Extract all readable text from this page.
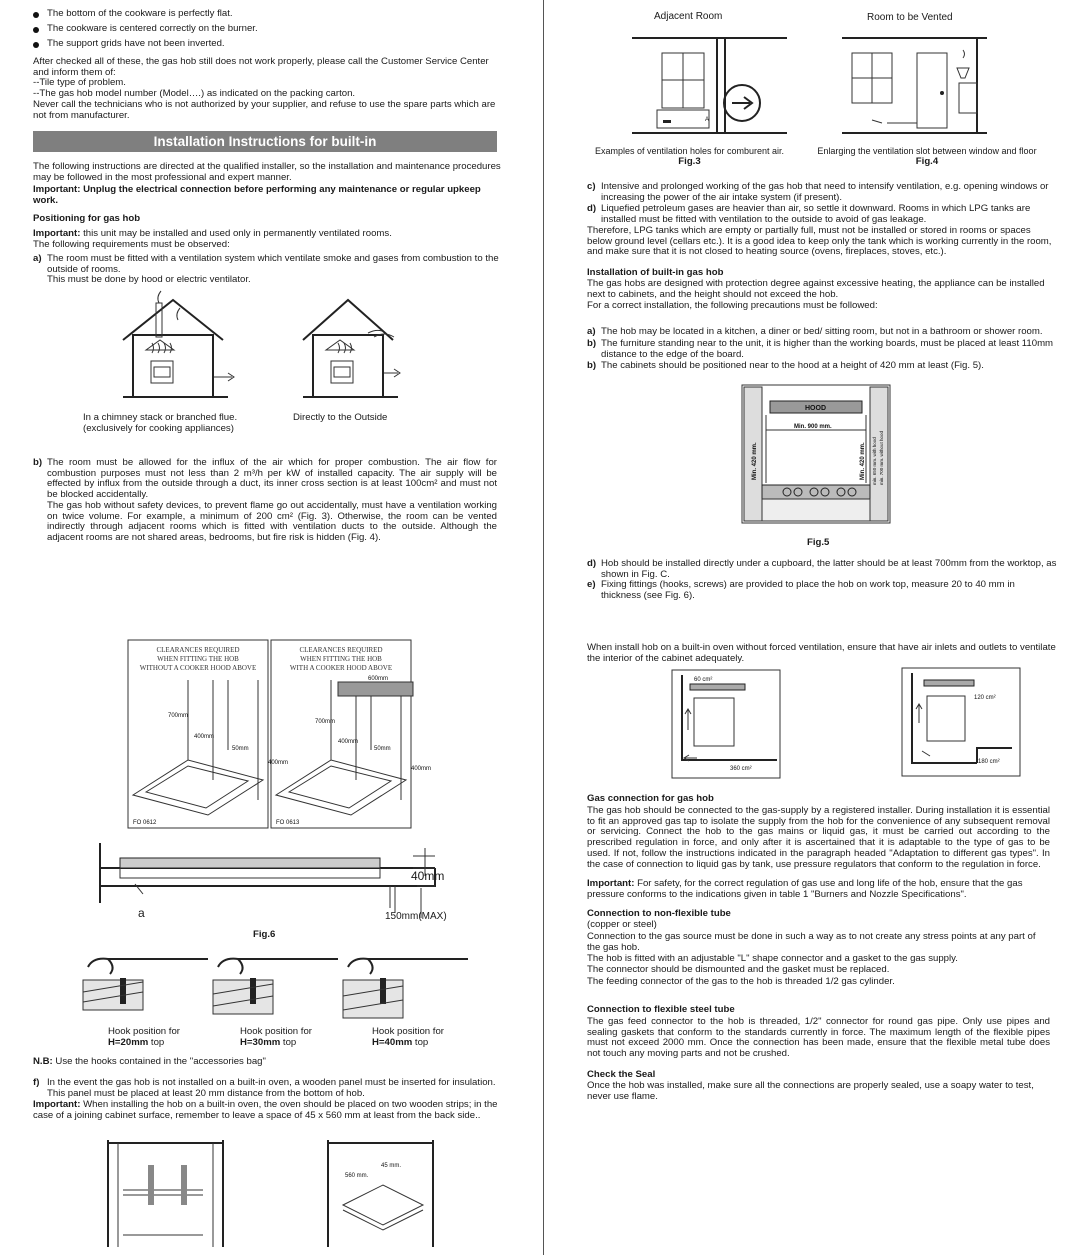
The bottom of the cookware is perfectly flat.
The cookware is centered correctly on the burner.
The support grids have not been inverted.

After checked all of these, the gas hob still does not work properly, please call the Customer Service Center and inform them of:

--Tile type of problem.

--The gas hob model number (Model….) as indicated on the packing carton.

Never call the technicians who is not authorized by your supplier, and refuse to use the spare parts which are not from manufacturer.

Installation Instructions for built-in

The following instructions are directed at the qualified installer, so the installation and maintenance procedures may be followed in the most professional and expert manner.

Important: Unplug the electrical connection before performing any maintenance or regular upkeep work.

Positioning for gas hob

Important: this unit may be installed and used only in permanently ventilated rooms.

The following requirements must be observed:

a) The room must be fitted with a ventilation system which ventilate smoke and gases from combustion to the outside of rooms.

This must be done by hood or electric ventilator.

In a chimney stack or branched flue.
(exclusively for cooking appliances)

Directly to the Outside

b) The room must be allowed for the influx of the air which for proper combustion. The air flow for combustion purposes must not less than 2 m³/h per kW of installed capacity. The air supply will be effected by influx from the outside through a duct, its inner cross section is at least 100cm² and must not be blocked accidentally.

The gas hob without safety devices, to prevent flame go out accidentally, must have a ventilation working on twice volume. For example, a minimum of 200 cm² (Fig. 3). Otherwise, the room can be vented indirectly through adjacent rooms which is fitted with ventilation ducts to the outside. Although the adjacent rooms are not shared areas, bedrooms, but fire risk is hidden (Fig. 4).

CLEARANCES REQUIRED
WHEN FITTING THE HOB
WITHOUT A COOKER HOOD ABOVE
CLEARANCES REQUIRED
WHEN FITTING THE HOB
WITH A COOKER HOOD ABOVE
700mm
400mm
50mm
400mm
700mm
400mm
50mm
400mm
600mm
FO 0612	FO 0613

40mm

150mm(MAX)

a

Fig.6

Hook position for
H=20mm top

Hook position for
H=30mm top

Hook position for
H=40mm top

N.B: Use the hooks contained in the "accessories bag"

f) In the event the gas hob is not installed on a built-in oven, a wooden panel must be inserted for insulation. This panel must be placed at least 20 mm distance from the bottom of hob.

Important: When installing the hob on a built-in oven, the oven should be placed on two wooden strips; in the case of a joining cabinet surface, remember to leave a space of 45 x 560 mm at least from the back side..

560 mm.
45 mm.

Adjacent Room	Room to be Vented

A

Examples of ventilation holes for comburent air.

Fig.3

Enlarging the ventilation slot between window and floor

Fig.4

c) Intensive and prolonged working of the gas hob that need to intensify ventilation, e.g. opening windows or increasing the power of the air intake system (if present).

d) Liquefied petroleum gases are heavier than air, so settle it downward. Rooms in which LPG tanks are installed must be fitted with ventilation to the outside to avoid of gas leakage.

Therefore, LPG tanks which are empty or partially full, must not be installed or stored in rooms or spaces below ground level (cellars etc.). It is a good idea to keep only the tank which is working currently in the room, and make sure that it is not closed to heating source (ovens, fireplaces, stoves, etc.).

Installation of built-in gas hob

The gas hobs are designed with protection degree against excessive heating, the appliance can be installed next to cabinets, and the height should not exceed the hob.

For a correct installation, the following precautions must be followed:

a) The hob may be located in a kitchen, a diner or bed/ sitting room, but not in a bathroom or shower room.

b) The furniture standing near to the unit, it is higher than the working boards, must be placed at least 110mm distance to the edge of the board.

b) The cabinets should be positioned near to the hood at a height of 420 mm at least (Fig. 5).

HOOD
Min. 900 mm.
Min. 420 mm.	Min. 420 mm. min. 650 mm. with hood min. 700 mm. without hood

Fig.5

d) Hob should be installed directly under a cupboard, the latter should be at least 700mm from the worktop, as shown in Fig. C.

e) Fixing fittings (hooks, screws) are provided to place the hob on work top, measure 20 to 40 mm in thickness (see Fig. 6).

When install hob on a built-in oven without forced ventilation, ensure that have air inlets and outlets to ventilate the interior of the cabinet adequately.

60 cm²
360 cm²
120 cm²
180 cm²

Gas connection for gas hob

The gas hob should be connected to the gas-supply by a registered installer. During installation it is essential to fit an approved gas tap to isolate the supply from the hob for the convenience of any subsequent removal or servicing. Connect the hob to the gas mains or liquid gas, it must be carried out according to the prescribed regulation in force, and only after it is ascertained that it is adaptable to the type of gas to be used. If not, follow the instructions indicated in the paragraph headed "Adaptation to different gas types". In the case of connection to liquid gas by tank, use pressure regulators that conform to the regulation in force.

Important: For safety, for the correct regulation of gas use and long life of the hob, ensure that the gas pressure conforms to the indications given in table 1 "Burners and Nozzle Specifications".

Connection to non-flexible tube

(copper or steel)

Connection to the gas source must be done in such a way as to not create any stress points at any part of the gas hob.

The hob is fitted with an adjustable "L" shape connector and a gasket to the gas supply.

The connector should be dismounted and the gasket must be replaced.

The feeding connector of the gas to the hob is threaded 1/2 gas cylinder.

Connection to flexible steel tube

The gas feed connector to the hob is threaded, 1/2" connector for round gas pipe. Only use pipes and sealing gaskets that conform to the standards currently in force. The maximum length of the flexible pipes must not exceed 2000 mm. Once the connection has been made, ensure that the flexible metal tube does not touch any moving parts and not be crushed.

Check the Seal

Once the hob was installed, make sure all the connections are properly sealed, use a soapy water to test, never use flame.
